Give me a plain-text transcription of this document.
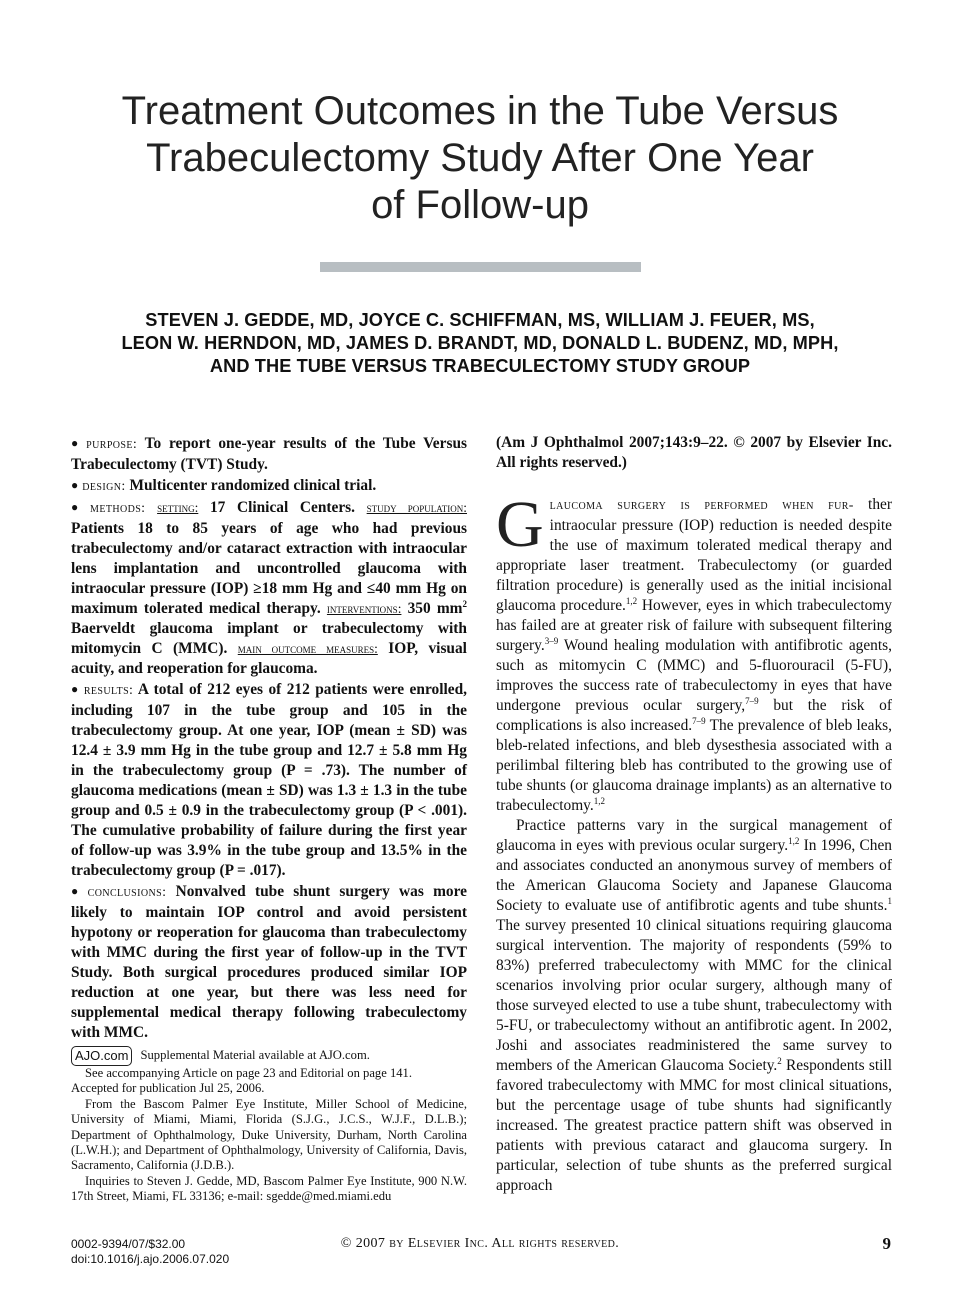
Treatment Outcomes in the Tube Versus
Trabeculectomy Study After One Year
of Follow-up
STEVEN J. GEDDE, MD, JOYCE C. SCHIFFMAN, MS, WILLIAM J. FEUER, MS,
LEON W. HERNDON, MD, JAMES D. BRANDT, MD, DONALD L. BUDENZ, MD, MPH,
AND THE TUBE VERSUS TRABECULECTOMY STUDY GROUP

● purpose: To report one-year results of the Tube Versus Trabeculectomy (TVT) Study.

● design: Multicenter randomized clinical trial.

● methods: setting: 17 Clinical Centers. study population: Patients 18 to 85 years of age who had previous trabeculectomy and/or cataract extraction with intraocular lens implantation and uncontrolled glaucoma with intraocular pressure (IOP) ≥18 mm Hg and ≤40 mm Hg on maximum tolerated medical therapy. interventions: 350 $mm^2$ Baerveldt glaucoma implant or trabeculectomy with mitomycin C (MMC). main outcome measures: IOP, visual acuity, and reoperation for glaucoma.

● results: A total of 212 eyes of 212 patients were enrolled, including 107 in the tube group and 105 in the trabeculectomy group. At one year, IOP (mean ± SD) was 12.4 ± 3.9 mm Hg in the tube group and 12.7 ± 5.8 mm Hg in the trabeculectomy group (P = .73). The number of glaucoma medications (mean ± SD) was 1.3 ± 1.3 in the tube group and 0.5 ± 0.9 in the trabeculectomy group (P < .001). The cumulative probability of failure during the first year of follow-up was 3.9% in the tube group and 13.5% in the trabeculectomy group (P = .017).

● conclusions: Nonvalved tube shunt surgery was more likely to maintain IOP control and avoid persistent hypotony or reoperation for glaucoma than trabeculectomy with MMC during the first year of follow-up in the TVT Study. Both surgical procedures produced similar IOP reduction at one year, but there was less need for supplemental medical therapy following trabeculectomy with MMC.

(Am J Ophthalmol 2007;143:9–22. © 2007 by Elsevier Inc. All rights reserved.)

Glaucoma surgery is performed when fur- ther intraocular pressure (IOP) reduction is needed despite the use of maximum tolerated medical therapy and appropriate laser treatment. Trabeculectomy (or guarded filtration procedure) is generally used as the initial incisional glaucoma procedure.$^{1,2}$ However, eyes in which trabeculectomy has failed are at greater risk of failure with subsequent filtering surgery.$^{3-9}$ Wound healing modulation with antifibrotic agents, such as mitomycin C (MMC) and 5-fluorouracil (5-FU), improves the success rate of trabeculectomy in eyes that have undergone previous ocular surgery,$^{7-9}$ but the risk of complications is also increased.$^{7-9}$ The prevalence of bleb leaks, bleb-related infections, and bleb dysesthesia associated with a perilimbal filtering bleb has contributed to the growing use of tube shunts (or glaucoma drainage implants) as an alternative to trabeculectomy.$^{1,2}$

Practice patterns vary in the surgical management of glaucoma in eyes with previous ocular surgery.$^{1,2}$ In 1996, Chen and associates conducted an anonymous survey of members of the American Glaucoma Society and Japanese Glaucoma Society to evaluate use of antifibrotic agents and tube shunts.$^1$ The survey presented 10 clinical situations requiring glaucoma surgical intervention. The majority of respondents (59% to 83%) preferred trabeculectomy with MMC for the clinical scenarios involving prior ocular surgery, although many of those surveyed elected to use a tube shunt, trabeculectomy with 5-FU, or trabeculectomy without an antifibrotic agent. In 2002, Joshi and associates readministered the same survey to members of the American Glaucoma Society.$^2$ Respondents still favored trabeculectomy with MMC for most clinical situations, but the percentage usage of tube shunts had significantly increased. The greatest practice pattern shift was observed in patients with previous cataract and glaucoma surgery. In particular, selection of tube shunts as the preferred surgical approach

AJO.com Supplemental Material available at AJO.com.

See accompanying Article on page 23 and Editorial on page 141.

Accepted for publication Jul 25, 2006.

From the Bascom Palmer Eye Institute, Miller School of Medicine, University of Miami, Miami, Florida (S.J.G., J.C.S., W.J.F., D.L.B.); Department of Ophthalmology, Duke University, Durham, North Carolina (L.W.H.); and Department of Ophthalmology, University of California, Davis, Sacramento, California (J.D.B.).

Inquiries to Steven J. Gedde, MD, Bascom Palmer Eye Institute, 900 N.W. 17th Street, Miami, FL 33136; e-mail: sgedde@med.miami.edu

0002-9394/07/$32.00
doi:10.1016/j.ajo.2006.07.020
© 2007 by Elsevier Inc. All rights reserved.	9
